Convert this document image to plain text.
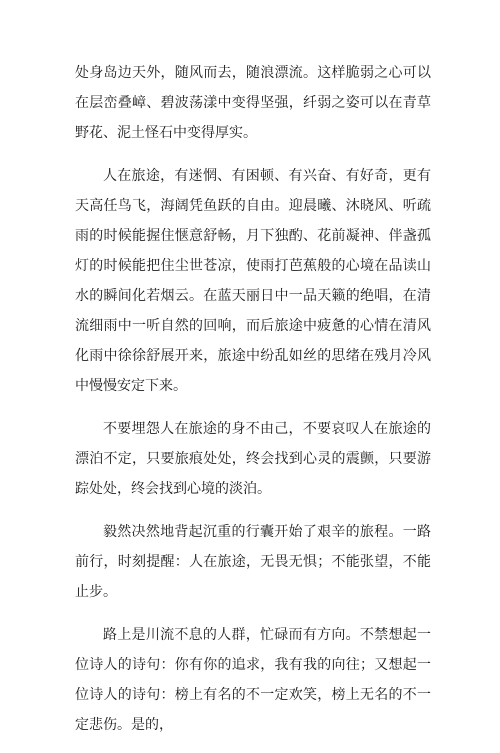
处身岛边天外，随风而去，随浪漂流。这样脆弱之心可以在层峦叠嶂、碧波荡漾中变得坚强，纤弱之姿可以在青草野花、泥土怪石中变得厚实。

人在旅途，有迷惘、有困顿、有兴奋、有好奇，更有天高任鸟飞，海阔凭鱼跃的自由。迎晨曦、沐晓风、听疏雨的时候能握住惬意舒畅，月下独酌、花前凝神、伴盏孤灯的时候能把住尘世苍凉，使雨打芭蕉般的心境在品读山水的瞬间化若烟云。在蓝天丽日中一品天籁的绝唱，在清流细雨中一听自然的回响，而后旅途中疲惫的心情在清风化雨中徐徐舒展开来，旅途中纷乱如丝的思绪在残月冷风中慢慢安定下来。

不要埋怨人在旅途的身不由己，不要哀叹人在旅途的漂泊不定，只要旅痕处处，终会找到心灵的震颤，只要游踪处处，终会找到心境的淡泊。

毅然决然地背起沉重的行囊开始了艰辛的旅程。一路前行，时刻提醒：人在旅途，无畏无惧；不能张望，不能止步。

路上是川流不息的人群，忙碌而有方向。不禁想起一位诗人的诗句：你有你的追求，我有我的向往；又想起一位诗人的诗句：榜上有名的不一定欢笑，榜上无名的不一定悲伤。是的，
